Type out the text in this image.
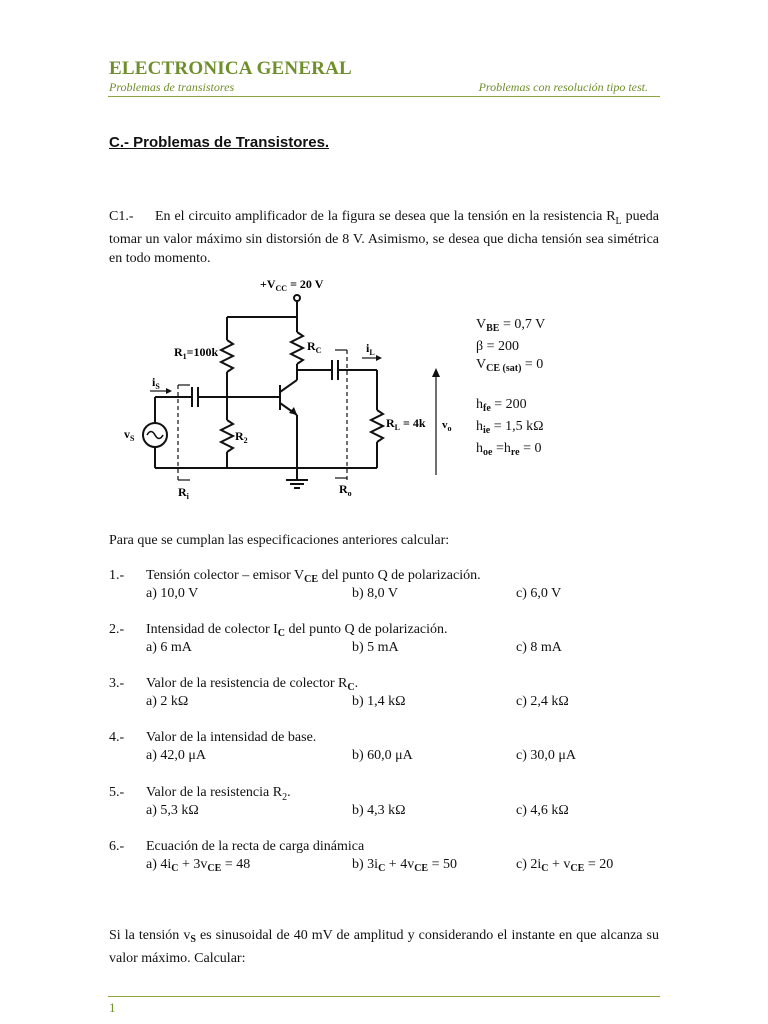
ELECTRONICA GENERAL
Problemas de transistores	Problemas con resolución tipo test.
C.- Problemas de Transistores.
C1.- En el circuito amplificador de la figura se desea que la tensión en la resistencia $R_L$ pueda tomar un valor máximo sin distorsión de 8 V. Asimismo, se desea que dicha tensión sea simétrica en todo momento.
$+V_{CC} = 20$ V
$R_1=100k$	$R_C$
$R_2$
$R_L = 4k$
$i_S$
$i_L$
$v_S$
$v_o$
$R_i$
$R_o$
$V_{BE} = 0,7$ V
β = 200
$V_{CE (sat)} = 0$
$h_{fe} = 200$
$h_{ie} = 1,5$ kΩ
$h_{oe} =h_{re} = 0$
Para que se cumplan las especificaciones anteriores calcular:
1.- Tensión colector – emisor $V_{CE}$ del punto Q de polarización.
a) 10,0 V	b) 8,0 V	c) 6,0 V
2.- Intensidad de colector $I_C$ del punto Q de polarización.
a) 6 mA	b) 5 mA	c) 8 mA
3.- Valor de la resistencia de colector $R_C$.
a) 2 kΩ	b) 1,4 kΩ	c) 2,4 kΩ
4.- Valor de la intensidad de base.
a) 42,0 μA	b) 60,0 μA	c) 30,0 μA
5.- Valor de la resistencia $R_2$.
a) 5,3 kΩ	b) 4,3 kΩ	c) 4,6 kΩ
6.- Ecuación de la recta de carga dinámica
a) $4i_C + 3v_{CE} = 48$	b) $3i_C + 4v_{CE} = 50$	c) $2i_C + v_{CE} = 20$
Si la tensión $v_S$ es sinusoidal de 40 mV de amplitud y considerando el instante en que alcanza su valor máximo. Calcular:
1
